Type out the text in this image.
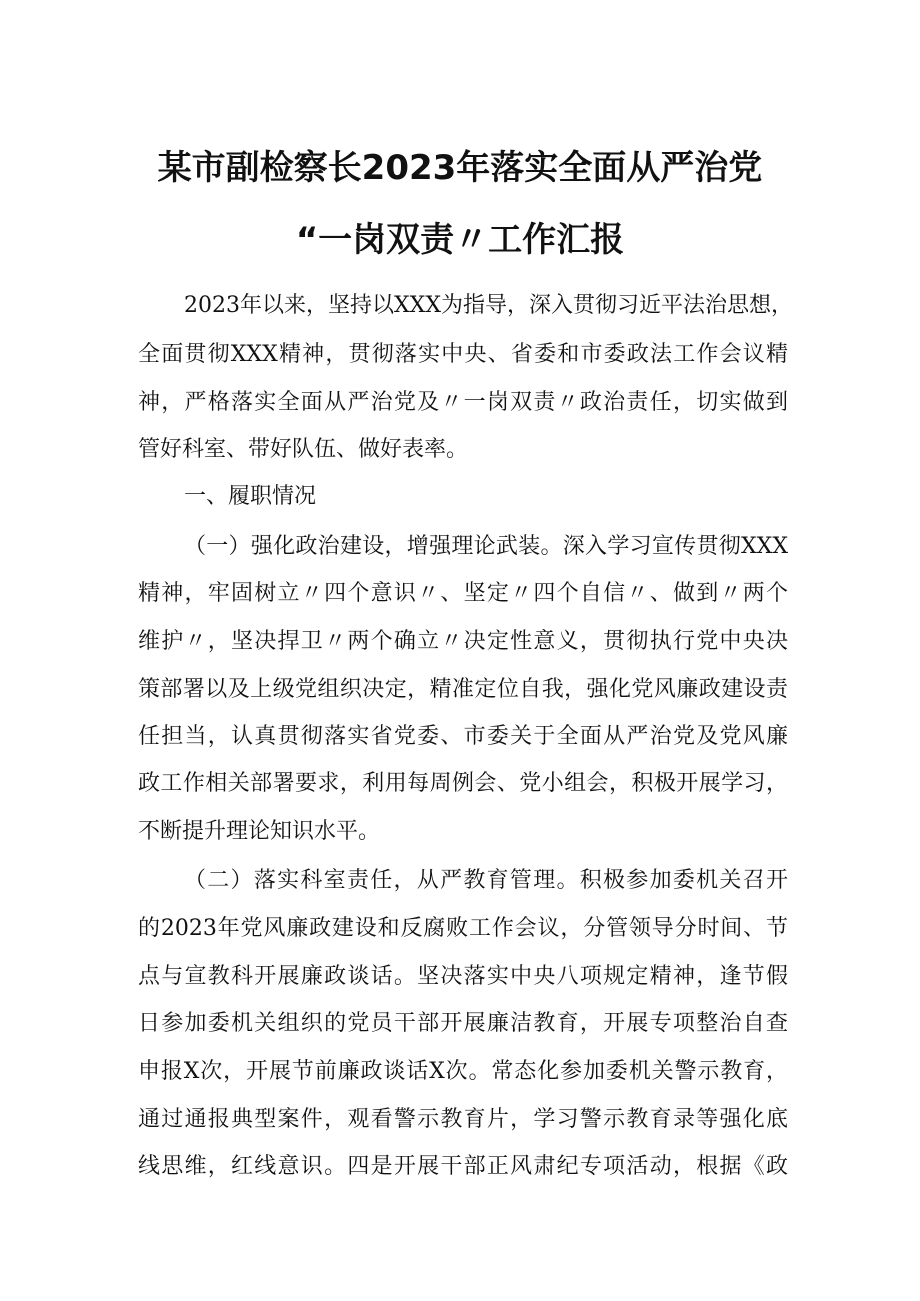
某市副检察长2023年落实全面从严治党
“一岗双责〃工作汇报
2023年以来，坚持以XXX为指导，深入贯彻习近平法治思想，
全面贯彻XXX精神，贯彻落实中央、省委和市委政法工作会议精
神，严格落实全面从严治党及〃一岗双责〃政治责任，切实做到
管好科室、带好队伍、做好表率。
一、履职情况
（一）强化政治建设，增强理论武装。深入学习宣传贯彻XXX
精神，牢固树立〃四个意识〃、坚定〃四个自信〃、做到〃两个
维护〃，坚决捍卫〃两个确立〃决定性意义，贯彻执行党中央决
策部署以及上级党组织决定，精准定位自我，强化党风廉政建设责
任担当，认真贯彻落实省党委、市委关于全面从严治党及党风廉
政工作相关部署要求，利用每周例会、党小组会，积极开展学习，
不断提升理论知识水平。
（二）落实科室责任，从严教育管理。积极参加委机关召开
的2023年党风廉政建设和反腐败工作会议，分管领导分时间、节
点与宣教科开展廉政谈话。坚决落实中央八项规定精神，逢节假
日参加委机关组织的党员干部开展廉洁教育，开展专项整治自查
申报X次，开展节前廉政谈话X次。常态化参加委机关警示教育，
通过通报典型案件，观看警示教育片，学习警示教育录等强化底
线思维，红线意识。四是开展干部正风肃纪专项活动，根据《政
